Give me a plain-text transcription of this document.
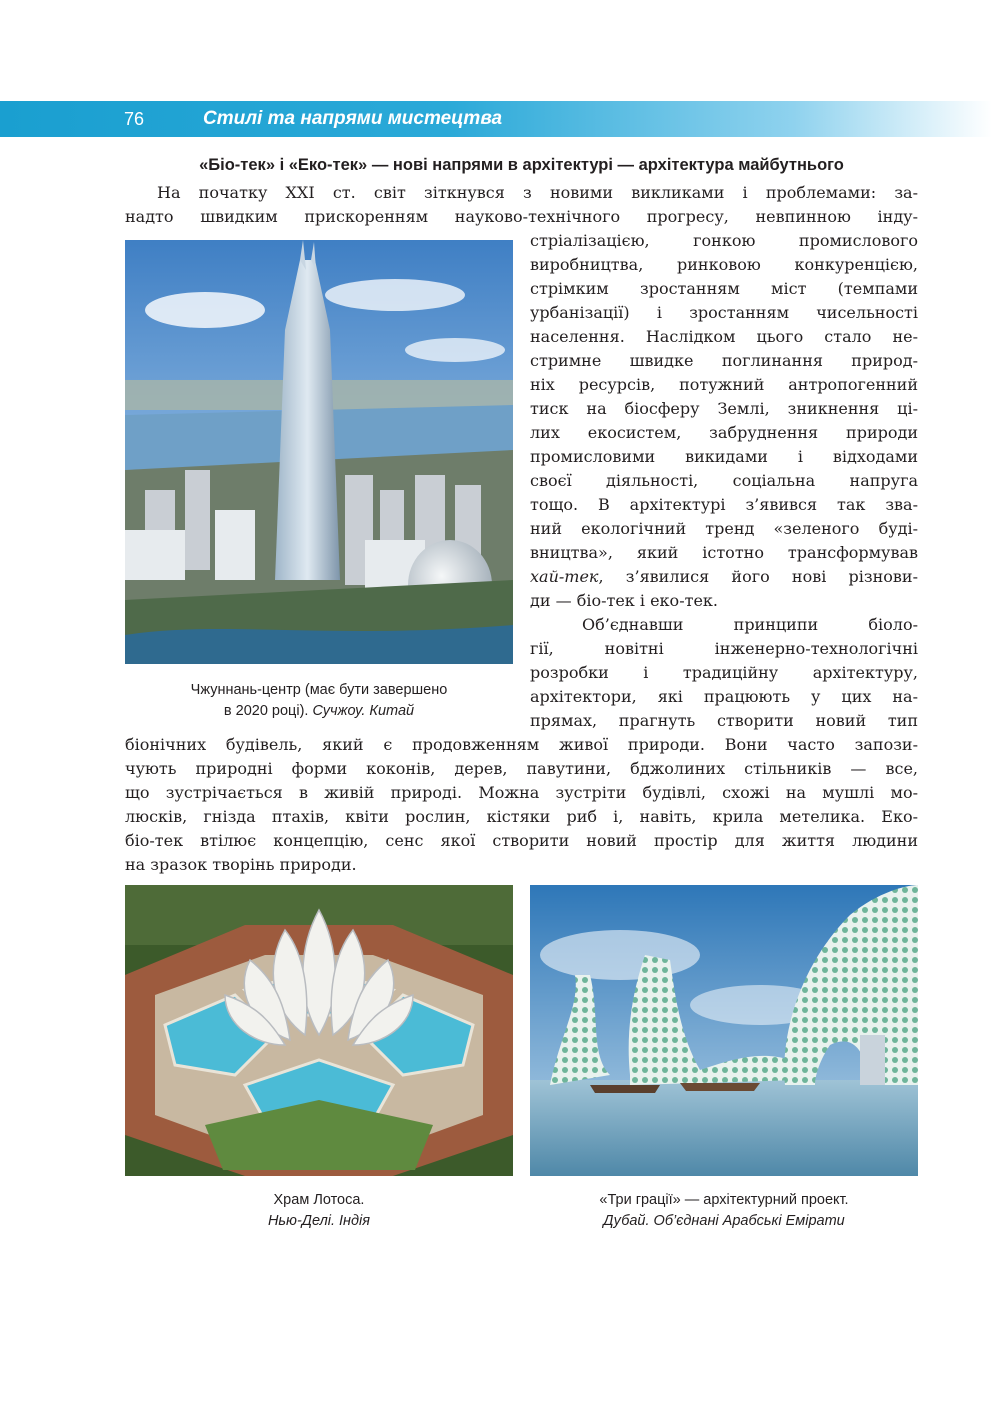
76	Стилі та напрями мистецтва
«Біо-тек» і «Еко-тек» — нові напрями в архітектурі — архітектура майбутнього
На початку XXI ст. світ зіткнувся з новими викликами і проблемами: за-
надто швидким прискоренням науково-технічного прогресу, невпинною інду-
стріалізацією, гонкою промислового
виробництва, ринковою конкуренцією,
стрімким зростанням міст (темпами
урбанізації) і зростанням чисельності
населення. Наслідком цього стало не-
стримне швидке поглинання природ-
ніх ресурсів, потужний антропогенний
тиск на біосферу Землі, зникнення ці-
лих екосистем, забруднення природи
промисловими викидами і відходами
своєї діяльності, соціальна напруга
тощо. В архітектурі з’явився так зва-
ний екологічний тренд «зеленого буді-
вництва», який істотно трансформував
хай-тек, з’явилися його нові різнови-
ди — біо-тек і еко-тек.
Об’єднавши принципи біоло-
гії, новітні інженерно-технологічні
розробки і традиційну архітектуру,
архітектори, які працюють у цих на-
прямах, прагнуть створити новий тип
біонічних будівель, який є продовженням живої природи. Вони часто запози-
чують природні форми коконів, дерев, павутини, бджолиних стільників — все,
що зустрічається в живій природі. Можна зустріти будівлі, схожі на мушлі мо-
люсків, гнізда птахів, квіти рослин, кістяки риб і, навіть, крила метелика. Еко-
біо-тек втілює концепцію, сенс якої створити новий простір для життя людини
на зразок творінь природи.
Чжуннань-центр (має бути завершено
в 2020 році). Сучжоу. Китай
Храм Лотоса.
Нью-Делі. Індія
«Три грації» — архітектурний проект.
Дубай. Об’єднані Арабські Емірати
